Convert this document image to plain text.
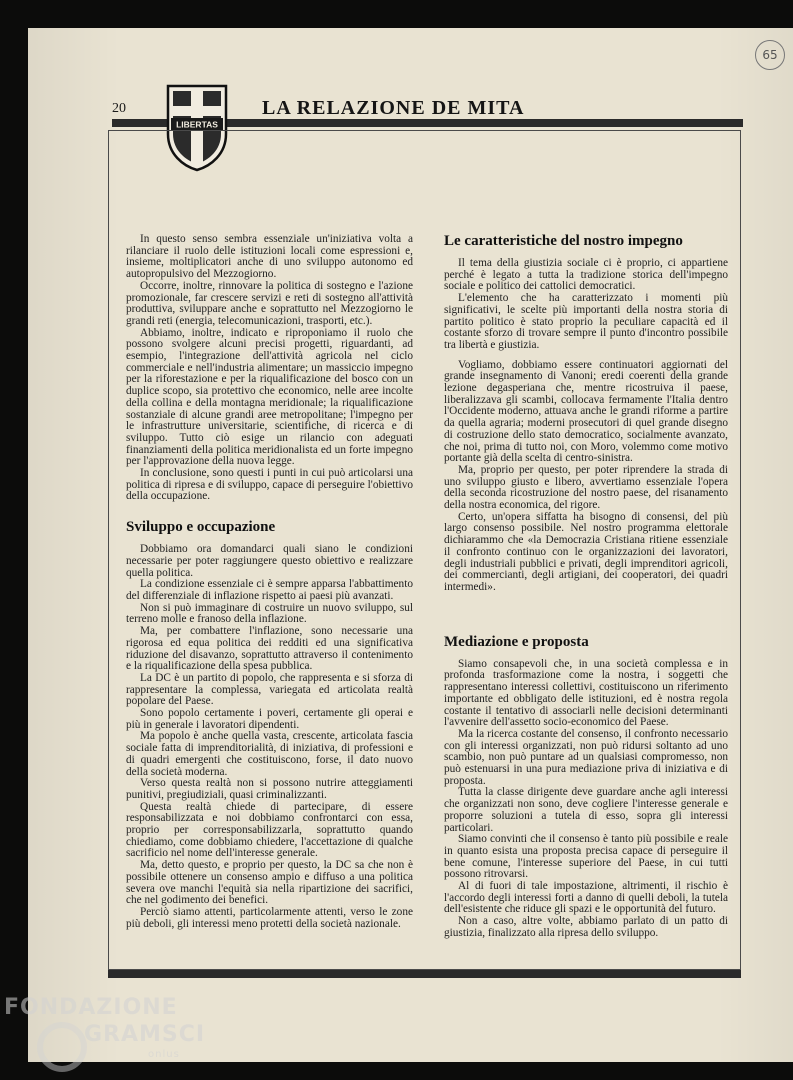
65
20
LIBERTAS
LA RELAZIONE DE MITA

In questo senso sembra essenziale un'iniziativa volta a rilanciare il ruolo delle istituzioni locali come espressioni e, insieme, moltiplicatori anche di uno sviluppo autonomo ed autopropulsivo del Mezzogiorno.

Occorre, inoltre, rinnovare la politica di sostegno e l'azione promozionale, far crescere servizi e reti di sostegno all'attività produttiva, sviluppare anche e soprattutto nel Mezzogiorno le grandi reti (energia, telecomunicazioni, trasporti, etc.).

Abbiamo, inoltre, indicato e riproponiamo il ruolo che possono svolgere alcuni precisi progetti, riguardanti, ad esempio, l'integrazione dell'attività agricola nel ciclo commerciale e nell'industria alimentare; un massiccio impegno per la riforestazione e per la riqualificazione del bosco con un duplice scopo, sia protettivo che economico, nelle aree incolte della collina e della montagna meridionale; la riqualificazione sostanziale di alcune grandi aree metropolitane; l'impegno per le infrastrutture universitarie, scientifiche, di ricerca e di sviluppo. Tutto ciò esige un rilancio con adeguati finanziamenti della politica meridionalista ed un forte impegno per l'approvazione della nuova legge.

In conclusione, sono questi i punti in cui può articolarsi una politica di ripresa e di sviluppo, capace di perseguire l'obiettivo della occupazione.

Sviluppo e occupazione

Dobbiamo ora domandarci quali siano le condizioni necessarie per poter raggiungere questo obiettivo e realizzare quella politica.

La condizione essenziale ci è sempre apparsa l'abbattimento del differenziale di inflazione rispetto ai paesi più avanzati.

Non si può immaginare di costruire un nuovo sviluppo, sul terreno molle e franoso della inflazione.

Ma, per combattere l'inflazione, sono necessarie una rigorosa ed equa politica dei redditi ed una significativa riduzione del disavanzo, soprattutto attraverso il contenimento e la riqualificazione della spesa pubblica.

La DC è un partito di popolo, che rappresenta e si sforza di rappresentare la complessa, variegata ed articolata realtà popolare del Paese.

Sono popolo certamente i poveri, certamente gli operai e più in generale i lavoratori dipendenti.

Ma popolo è anche quella vasta, crescente, articolata fascia sociale fatta di imprenditorialità, di iniziativa, di professioni e di quadri emergenti che costituiscono, forse, il dato nuovo della società moderna.

Verso questa realtà non si possono nutrire atteggiamenti punitivi, pregiudiziali, quasi criminalizzanti.

Questa realtà chiede di partecipare, di essere responsabilizzata e noi dobbiamo confrontarci con essa, proprio per corresponsabilizzarla, soprattutto quando chiediamo, come dobbiamo chiedere, l'accettazione di qualche sacrificio nel nome dell'interesse generale.

Ma, detto questo, e proprio per questo, la DC sa che non è possibile ottenere un consenso ampio e diffuso a una politica severa ove manchi l'equità sia nella ripartizione dei sacrifici, che nel godimento dei benefici.

Perciò siamo attenti, particolarmente attenti, verso le zone più deboli, gli interessi meno protetti della società nazionale.

Le caratteristiche del nostro impegno

Il tema della giustizia sociale ci è proprio, ci appartiene perché è legato a tutta la tradizione storica dell'impegno sociale e politico dei cattolici democratici.

L'elemento che ha caratterizzato i momenti più significativi, le scelte più importanti della nostra storia di partito politico è stato proprio la peculiare capacità ed il costante sforzo di trovare sempre il punto d'incontro possibile tra libertà e giustizia.

Vogliamo, dobbiamo essere continuatori aggiornati del grande insegnamento di Vanoni; eredi coerenti della grande lezione degasperiana che, mentre ricostruiva il paese, liberalizzava gli scambi, collocava fermamente l'Italia dentro l'Occidente moderno, attuava anche le grandi riforme a partire da quella agraria; moderni prosecutori di quel grande disegno di costruzione dello stato democratico, socialmente avanzato, che noi, prima di tutto noi, con Moro, volemmo come motivo portante già della scelta di centro-sinistra.

Ma, proprio per questo, per poter riprendere la strada di uno sviluppo giusto e libero, avvertiamo essenziale l'opera della seconda ricostruzione del nostro paese, del risanamento della nostra economica, del rigore.

Certo, un'opera siffatta ha bisogno di consensi, del più largo consenso possibile. Nel nostro programma elettorale dichiarammo che «la Democrazia Cristiana ritiene essenziale il confronto continuo con le organizzazioni dei lavoratori, degli industriali pubblici e privati, degli imprenditori agricoli, dei commercianti, degli artigiani, dei cooperatori, dei quadri intermedi».

Mediazione e proposta

Siamo consapevoli che, in una società complessa e in profonda trasformazione come la nostra, i soggetti che rappresentano interessi collettivi, costituiscono un riferimento importante ed obbligato delle istituzioni, ed è nostra regola costante il tentativo di associarli nelle decisioni determinanti l'avvenire dell'assetto socio-economico del Paese.

Ma la ricerca costante del consenso, il confronto necessario con gli interessi organizzati, non può ridursi soltanto ad uno scambio, non può puntare ad un qualsiasi compromesso, non può estenuarsi in una pura mediazione priva di iniziativa e di proposta.

Tutta la classe dirigente deve guardare anche agli interessi che organizzati non sono, deve cogliere l'interesse generale e proporre soluzioni a tutela di esso, sopra gli interessi particolari.

Siamo convinti che il consenso è tanto più possibile e reale in quanto esista una proposta precisa capace di perseguire il bene comune, l'interesse superiore del Paese, in cui tutti possono ritrovarsi.

Al di fuori di tale impostazione, altrimenti, il rischio è l'accordo degli interessi forti a danno di quelli deboli, la tutela dell'esistente che riduce gli spazi e le opportunità del futuro.

Non a caso, altre volte, abbiamo parlato di un patto di giustizia, finalizzato alla ripresa dello sviluppo.

FONDAZIONE
GRAMSCI
onlus
